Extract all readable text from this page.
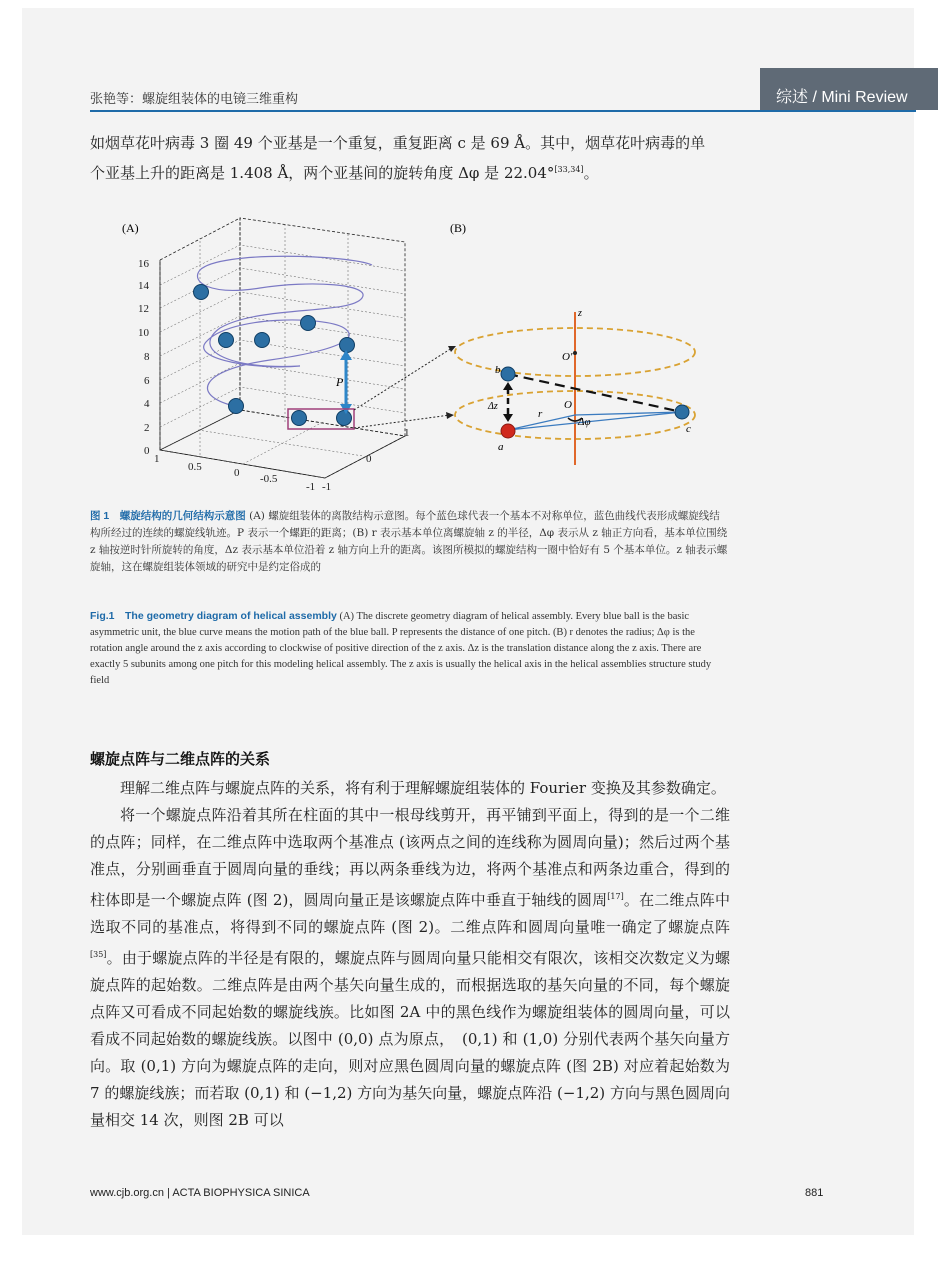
张艳等：螺旋组装体的电镜三维重构	综述 / Mini Review
如烟草花叶病毒 3 圈 49 个亚基是一个重复，重复距离 c 是 69 Å。其中，烟草花叶病毒的单
个亚基上升的距离是 1.408 Å，两个亚基间的旋转角度 Δφ 是 22.04°[33,34]。
(A)	(B)
0
2
4
6
8
10
12
14
16
1
0.5	0 -0.5
-1 -1
0
1
P
z
O'
O
Δφ
r
Δz
b
a
c
图 1　螺旋结构的几何结构示意图 (A) 螺旋组装体的离散结构示意图。每个蓝色球代表一个基本不对称单位，蓝色曲线代表形成螺旋线结构所经过的连续的螺旋线轨迹。P 表示一个螺距的距离；(B) r 表示基本单位离螺旋轴 z 的半径，Δφ 表示从 z 轴正方向看，基本单位围绕 z 轴按逆时针所旋转的角度，Δz 表示基本单位沿着 z 轴方向上升的距离。该图所模拟的螺旋结构一圈中恰好有 5 个基本单位。z 轴表示螺旋轴，这在螺旋组装体领域的研究中是约定俗成的
Fig.1　The geometry diagram of helical assembly (A) The discrete geometry diagram of helical assembly. Every blue ball is the basic asymmetric unit, the blue curve means the motion path of the blue ball. P represents the distance of one pitch. (B) r denotes the radius; Δφ is the rotation angle around the z axis according to clockwise of positive direction of the z axis. Δz is the translation distance along the z axis. There are exactly 5 subunits among one pitch for this modeling helical assembly. The z axis is usually the helical axis in the helical assemblies structure study field
螺旋点阵与二维点阵的关系

理解二维点阵与螺旋点阵的关系，将有利于理解螺旋组装体的 Fourier 变换及其参数确定。

将一个螺旋点阵沿着其所在柱面的其中一根母线剪开，再平铺到平面上，得到的是一个二维的点阵；同样，在二维点阵中选取两个基准点 (该两点之间的连线称为圆周向量)；然后过两个基准点，分别画垂直于圆周向量的垂线；再以两条垂线为边，将两个基准点和两条边重合，得到的柱体即是一个螺旋点阵 (图 2)，圆周向量正是该螺旋点阵中垂直于轴线的圆周[17]。在二维点阵中选取不同的基准点，将得到不同的螺旋点阵 (图 2)。二维点阵和圆周向量唯一确定了螺旋点阵[35]。由于螺旋点阵的半径是有限的，螺旋点阵与圆周向量只能相交有限次，该相交次数定义为螺旋点阵的起始数。二维点阵是由两个基矢向量生成的，而根据选取的基矢向量的不同，每个螺旋点阵又可看成不同起始数的螺旋线族。比如图 2A 中的黑色线作为螺旋组装体的圆周向量，可以看成不同起始数的螺旋线族。以图中 (0,0) 点为原点，　(0,1) 和 (1,0) 分别代表两个基矢向量方向。取 (0,1) 方向为螺旋点阵的走向，则对应黑色圆周向量的螺旋点阵 (图 2B) 对应着起始数为 7 的螺旋线族；而若取 (0,1) 和 (−1,2) 方向为基矢向量，螺旋点阵沿 (−1,2) 方向与黑色圆周向量相交 14 次，则图 2B 可以

www.cjb.org.cn | ACTA BIOPHYSICA SINICA	881
